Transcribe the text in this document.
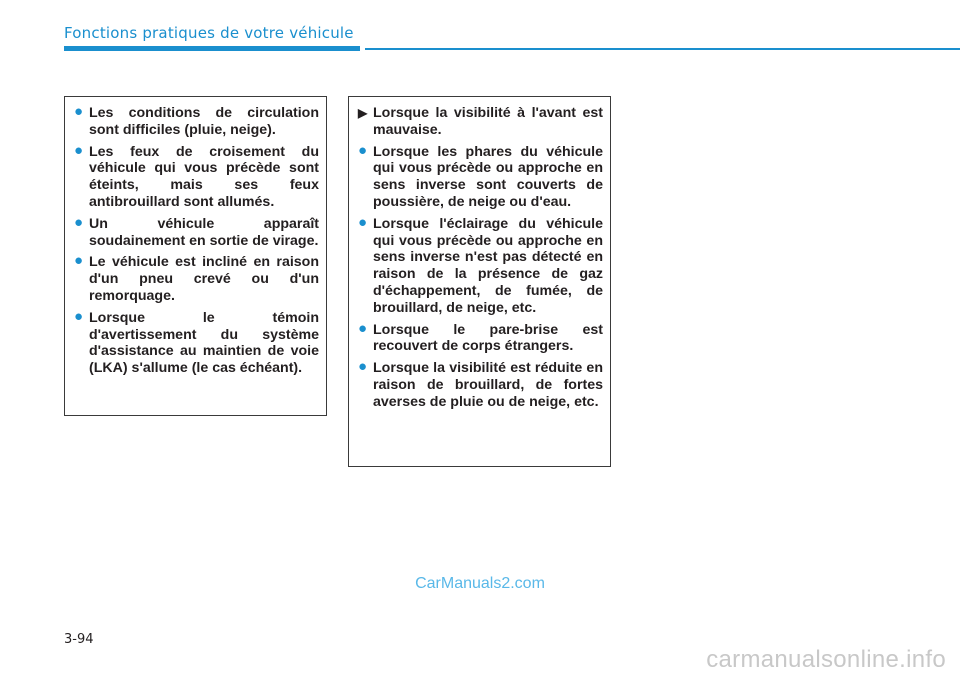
Fonctions pratiques de votre véhicule
● Les conditions de circulation sont difficiles (pluie, neige).
● Les feux de croisement du véhicule qui vous précède sont éteints, mais ses feux antibrouillard sont allumés.
● Un véhicule apparaît soudainement en sortie de virage.
● Le véhicule est incliné en raison d'un pneu crevé ou d'un remorquage.
● Lorsque le témoin d'avertissement du système d'assistance au maintien de voie (LKA) s'allume (le cas échéant).
▶ Lorsque la visibilité à l'avant est mauvaise.
● Lorsque les phares du véhicule qui vous précède ou approche en sens inverse sont couverts de poussière, de neige ou d'eau.
● Lorsque l'éclairage du véhicule qui vous précède ou approche en sens inverse n'est pas détecté en raison de la présence de gaz d'échappement, de fumée, de brouillard, de neige, etc.
● Lorsque le pare-brise est recouvert de corps étrangers.
● Lorsque la visibilité est réduite en raison de brouillard, de fortes averses de pluie ou de neige, etc.
CarManuals2.com
3-94
carmanualsonline.info
